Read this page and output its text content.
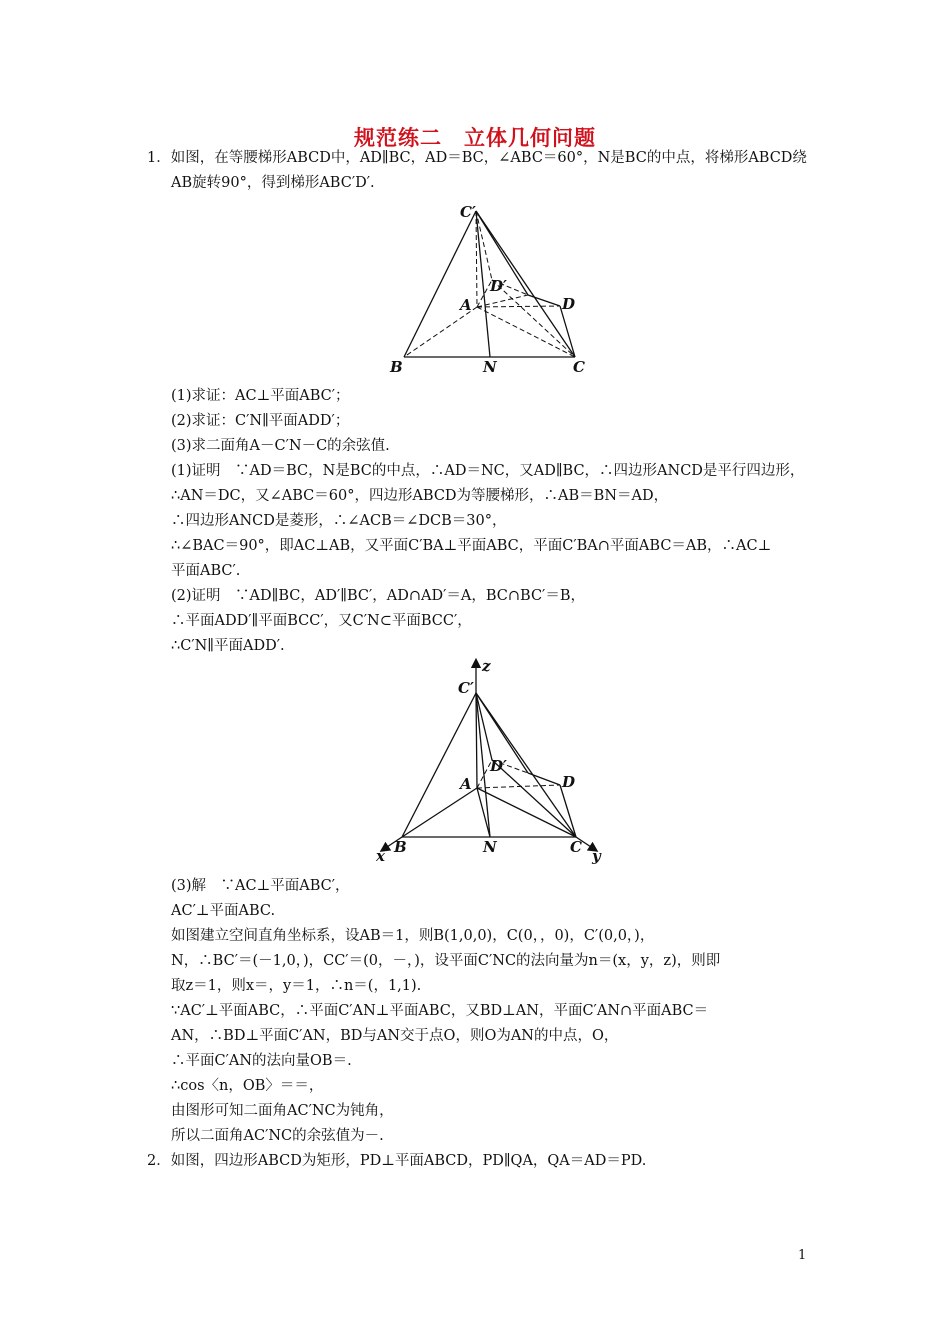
规范练二　立体几何问题
1．如图，在等腰梯形ABCD中，AD∥BC，AD＝BC，∠ABC＝60°，N是BC的中点，将梯形ABCD绕
AB旋转90°，得到梯形ABC′D′.
C′
D′
A	D
B	N	C
(1)求证：AC⊥平面ABC′；
(2)求证：C′N∥平面ADD′；
(3)求二面角A－C′N－C的余弦值.
(1)证明　∵AD＝BC，N是BC的中点，∴AD＝NC，又AD∥BC，∴四边形ANCD是平行四边形，
∴AN＝DC，又∠ABC＝60°，四边形ABCD为等腰梯形，∴AB＝BN＝AD，
∴四边形ANCD是菱形，∴∠ACB＝∠DCB＝30°，
∴∠BAC＝90°，即AC⊥AB，又平面C′BA⊥平面ABC，平面C′BA∩平面ABC＝AB，∴AC⊥
平面ABC′.
(2)证明　∵AD∥BC，AD′∥BC′，AD∩AD′＝A，BC∩BC′＝B，
∴平面ADD′∥平面BCC′，又C′N⊂平面BCC′，
∴C′N∥平面ADD′.
z
C′
D′
A	D
x B	N	C y
(3)解　∵AC⊥平面ABC′，
AC′⊥平面ABC.
如图建立空间直角坐标系，设AB＝1，则B(1,0,0)，C(0，，0)，C′(0,0，)，
N，∴BC′＝(－1,0，)，CC′＝(0，－，)，设平面C′NC的法向量为n＝(x，y，z)，则即
取z＝1，则x＝，y＝1，∴n＝(，1,1).
∵AC′⊥平面ABC，∴平面C′AN⊥平面ABC，又BD⊥AN，平面C′AN∩平面ABC＝
AN，∴BD⊥平面C′AN，BD与AN交于点O，则O为AN的中点，O，
∴平面C′AN的法向量OB＝.
∴cos〈n，OB〉＝＝，
由图形可知二面角AC′NC为钝角，
所以二面角AC′NC的余弦值为－.
2．如图，四边形ABCD为矩形，PD⊥平面ABCD，PD∥QA，QA＝AD＝PD.
1
